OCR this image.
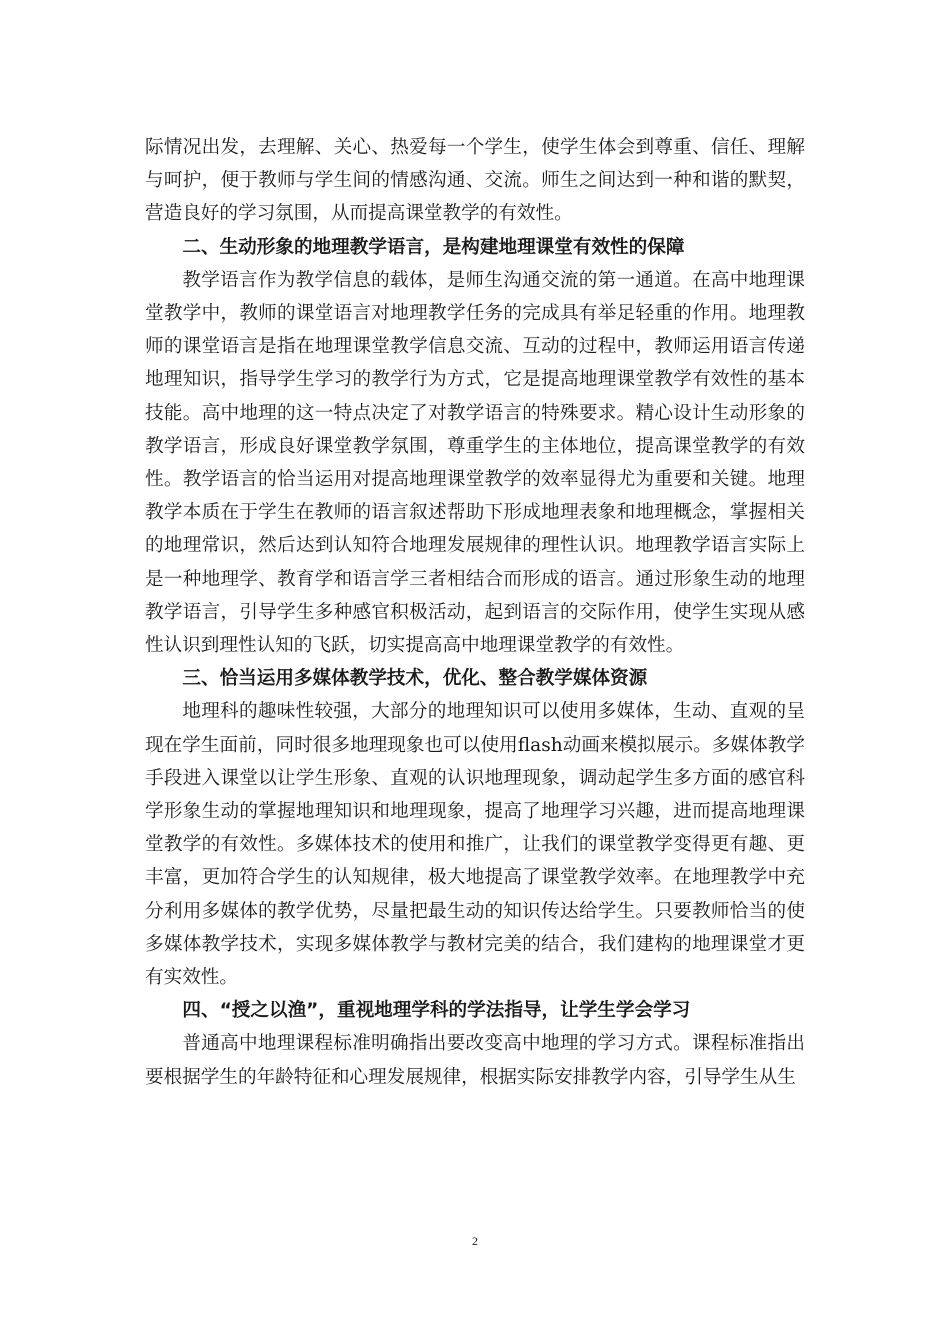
际情况出发，去理解、关心、热爱每一个学生，使学生体会到尊重、信任、理解与呵护，便于教师与学生间的情感沟通、交流。师生之间达到一种和谐的默契，营造良好的学习氛围，从而提高课堂教学的有效性。

二、生动形象的地理教学语言，是构建地理课堂有效性的保障

教学语言作为教学信息的载体，是师生沟通交流的第一通道。在高中地理课堂教学中，教师的课堂语言对地理教学任务的完成具有举足轻重的作用。地理教师的课堂语言是指在地理课堂教学信息交流、互动的过程中，教师运用语言传递地理知识，指导学生学习的教学行为方式，它是提高地理课堂教学有效性的基本技能。高中地理的这一特点决定了对教学语言的特殊要求。精心设计生动形象的教学语言，形成良好课堂教学氛围，尊重学生的主体地位，提高课堂教学的有效性。教学语言的恰当运用对提高地理课堂教学的效率显得尤为重要和关键。地理教学本质在于学生在教师的语言叙述帮助下形成地理表象和地理概念，掌握相关的地理常识，然后达到认知符合地理发展规律的理性认识。地理教学语言实际上是一种地理学、教育学和语言学三者相结合而形成的语言。通过形象生动的地理教学语言，引导学生多种感官积极活动，起到语言的交际作用，使学生实现从感性认识到理性认知的飞跃，切实提高高中地理课堂教学的有效性。

三、恰当运用多媒体教学技术，优化、整合教学媒体资源

地理科的趣味性较强，大部分的地理知识可以使用多媒体，生动、直观的呈现在学生面前，同时很多地理现象也可以使用flash动画来模拟展示。多媒体教学手段进入课堂以让学生形象、直观的认识地理现象，调动起学生多方面的感官科学形象生动的掌握地理知识和地理现象，提高了地理学习兴趣，进而提高地理课堂教学的有效性。多媒体技术的使用和推广，让我们的课堂教学变得更有趣、更丰富，更加符合学生的认知规律，极大地提高了课堂教学效率。在地理教学中充分利用多媒体的教学优势，尽量把最生动的知识传达给学生。只要教师恰当的使多媒体教学技术，实现多媒体教学与教材完美的结合，我们建构的地理课堂才更有实效性。

四、“授之以渔”，重视地理学科的学法指导，让学生学会学习

普通高中地理课程标准明确指出要改变高中地理的学习方式。课程标准指出要根据学生的年龄特征和心理发展规律，根据实际安排教学内容，引导学生从生

2
